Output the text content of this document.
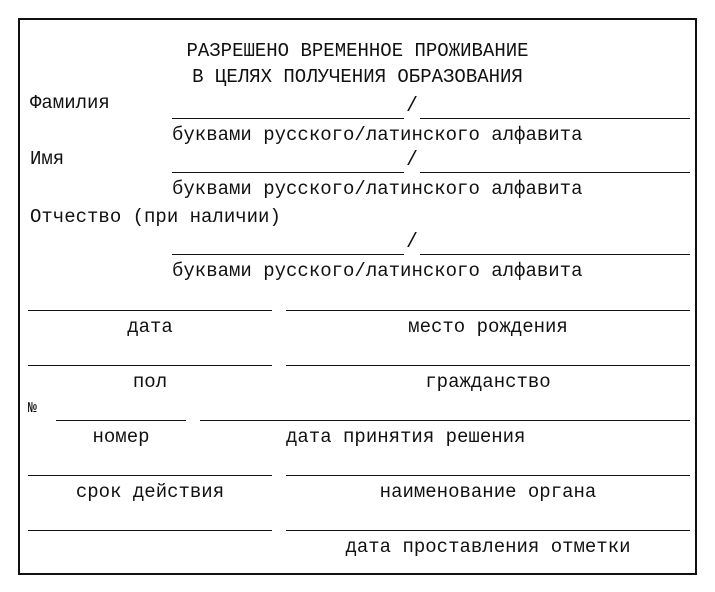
РАЗРЕШЕНО ВРЕМЕННОЕ ПРОЖИВАНИЕ
В ЦЕЛЯХ ПОЛУЧЕНИЯ ОБРАЗОВАНИЯ
Фамилия	/
буквами русского/латинского алфавита
Имя	/
буквами русского/латинского алфавита
Отчество (при наличии)
/
буквами русского/латинского алфавита
дата	место рождения
пол	гражданство
№
номер	дата принятия решения
срок действия	наименование органа
дата проставления отметки
